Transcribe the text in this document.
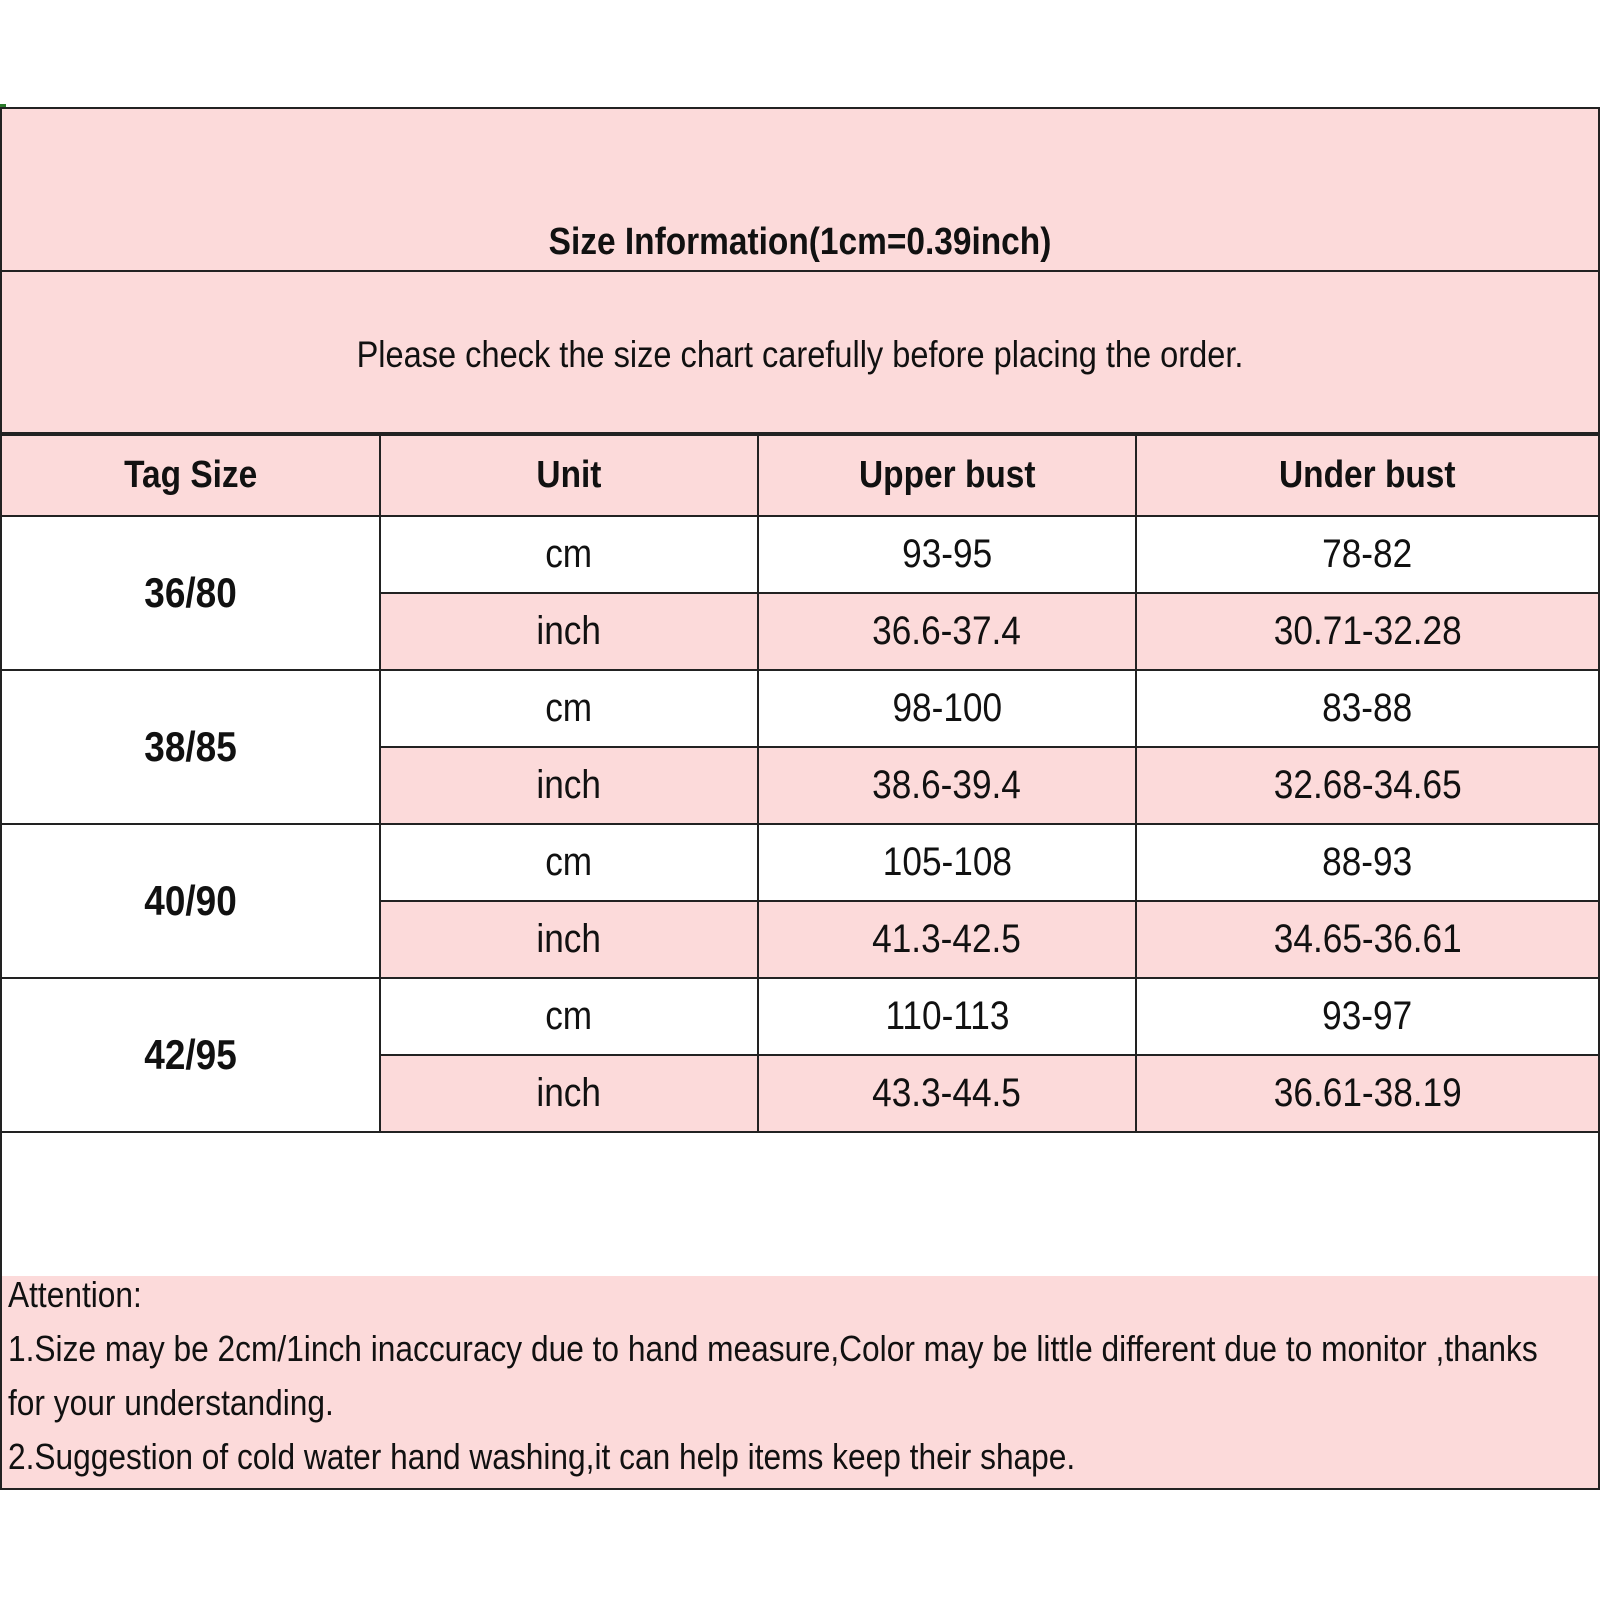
Size Information(1cm=0.39inch)
Please check the size chart carefully before placing the order.
Tag Size	Unit	Upper bust	Under bust
36/80	cm	93-95	78-82
	inch	36.6-37.4	30.71-32.28
38/85	cm	98-100	83-88
	inch	38.6-39.4	32.68-34.65
40/90	cm	105-108	88-93
	inch	41.3-42.5	34.65-36.61
42/95	cm	110-113	93-97
	inch	43.3-44.5	36.61-38.19
Attention:
1.Size may be 2cm/1inch inaccuracy due to hand measure,Color may be little different due to monitor ,thanks
for your understanding.
2.Suggestion of cold water hand washing,it can help items keep their shape.
